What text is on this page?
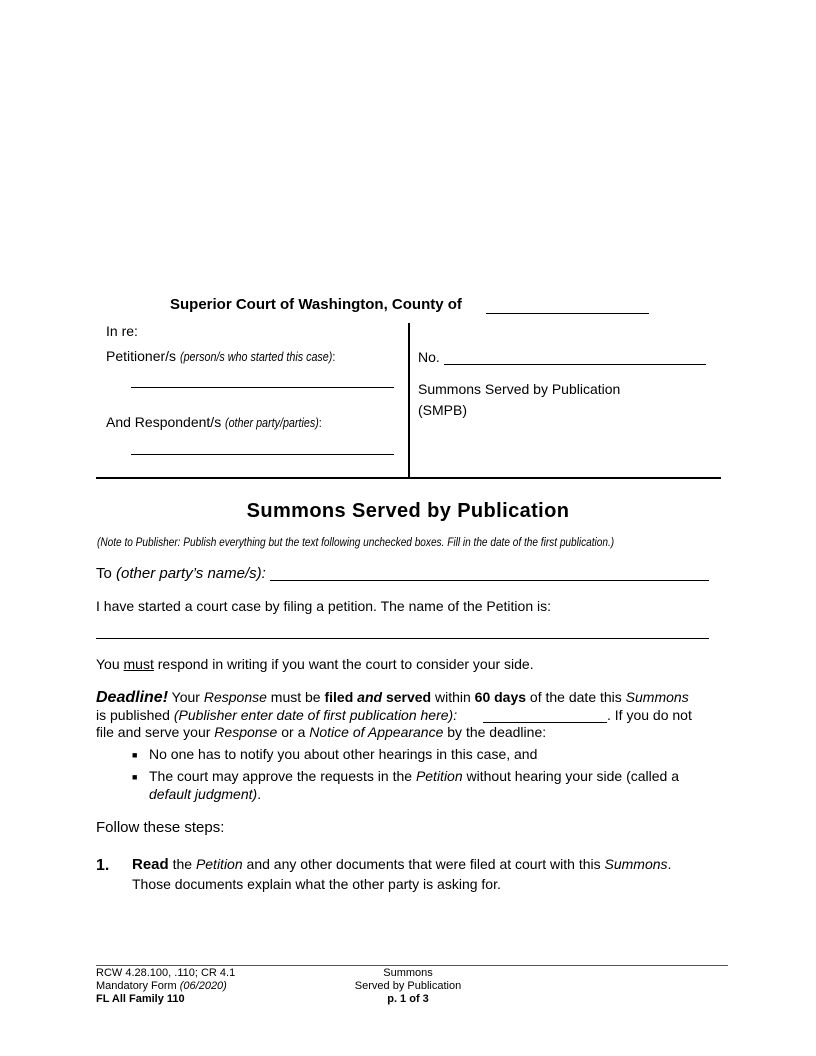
Superior Court of Washington, County of
In re:
Petitioner/s (person/s who started this case):
And Respondent/s (other party/parties):
No.
Summons Served by Publication
(SMPB)
Summons Served by Publication
(Note to Publisher: Publish everything but the text following unchecked boxes. Fill in the date of the first publication.)
To (other party’s name/s):
I have started a court case by filing a petition. The name of the Petition is:
You must respond in writing if you want the court to consider your side.
Deadline! Your Response must be filed and served within 60 days of the date this Summons
is published (Publisher enter date of first publication here):	. If you do not
file and serve your Response or a Notice of Appearance by the deadline:
■ No one has to notify you about other hearings in this case, and
■ The court may approve the requests in the Petition without hearing your side (called a
default judgment).
Follow these steps:
1. Read the Petition and any other documents that were filed at court with this Summons.
Those documents explain what the other party is asking for.
RCW 4.28.100, .110; CR 4.1
Mandatory Form (06/2020)
FL All Family 110
Summons
Served by Publication
p. 1 of 3
